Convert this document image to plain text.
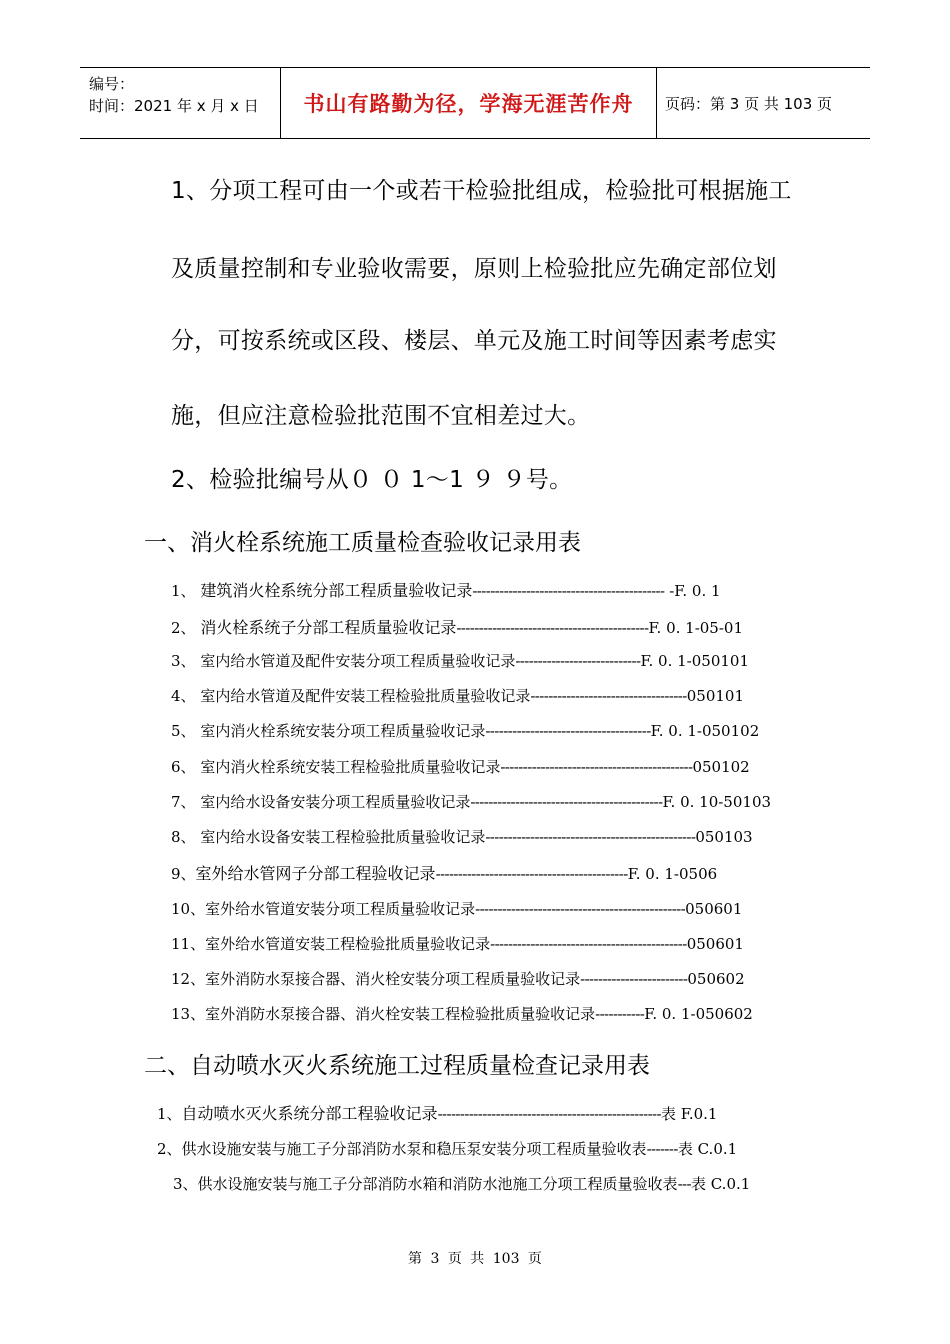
编号：
时间：2021 年 x 月 x 日	书山有路勤为径，学海无涯苦作舟 页码：第 3 页 共 103 页
1、分项工程可由一个或若干检验批组成，检验批可根据施工
及质量控制和专业验收需要，原则上检验批应先确定部位划
分，可按系统或区段、楼层、单元及施工时间等因素考虑实
施，但应注意检验批范围不宜相差过大。
2、检验批编号从０ ０ 1～1 ９ ９号。
一、消火栓系统施工质量检查验收记录用表
1、 建筑消火栓系统分部工程质量验收记录------------------------------------------- -F. 0. 1
2、 消火栓系统子分部工程质量验收记录-------------------------------------------F. 0. 1-05-01
3、 室内给水管道及配件安装分项工程质量验收记录----------------------------F. 0. 1-050101
4、 室内给水管道及配件安装工程检验批质量验收记录-----------------------------------050101
5、 室内消火栓系统安装分项工程质量验收记录-------------------------------------F. 0. 1-050102
6、 室内消火栓系统安装工程检验批质量验收记录-------------------------------------------050102
7、 室内给水设备安装分项工程质量验收记录-------------------------------------------F. 0. 10-50103
8、 室内给水设备安装工程检验批质量验收记录-----------------------------------------------050103
9、室外给水管网子分部工程验收记录-------------------------------------------F. 0. 1-0506
10、室外给水管道安装分项工程质量验收记录-----------------------------------------------050601
11、室外给水管道安装工程检验批质量验收记录--------------------------------------------050601
12、室外消防水泵接合器、消火栓安装分项工程质量验收记录------------------------050602
13、室外消防水泵接合器、消火栓安装工程检验批质量验收记录-----------F. 0. 1-050602
二、自动喷水灭火系统施工过程质量检查记录用表
1、自动喷水灭火系统分部工程验收记录--------------------------------------------------表 F.0.1
2、供水设施安装与施工子分部消防水泵和稳压泵安装分项工程质量验收表-------表 C.0.1
3、供水设施安装与施工子分部消防水箱和消防水池施工分项工程质量验收表---表 C.0.1
第 3 页 共 103 页
